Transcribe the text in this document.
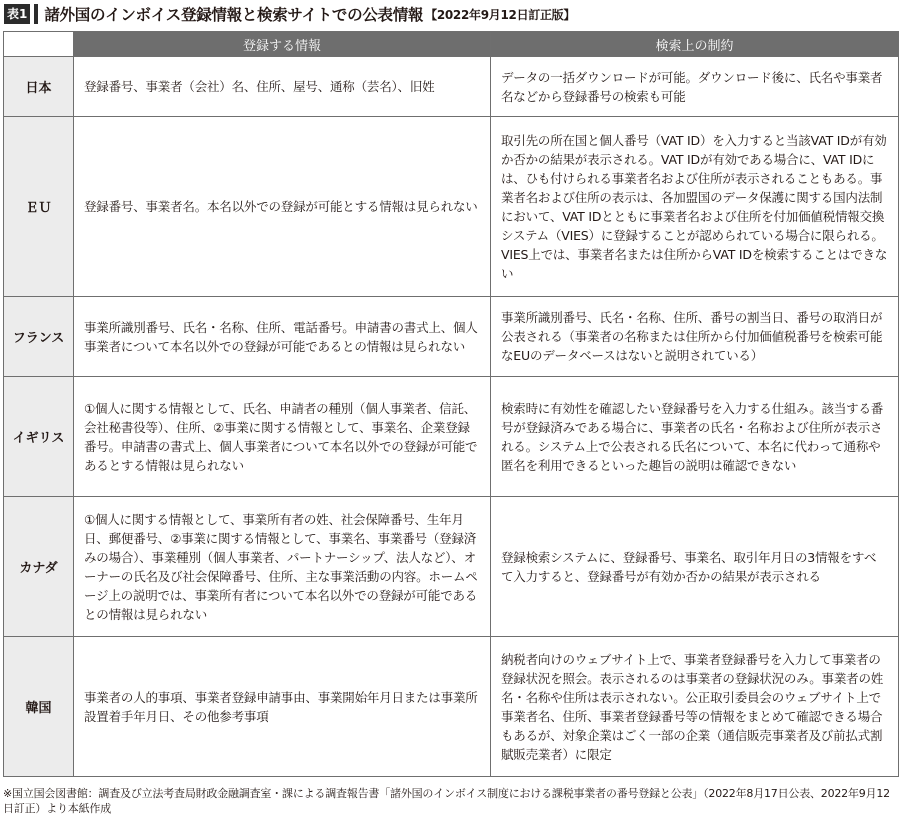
表1 諸外国のインボイス登録情報と検索サイトでの公表情報 【2022年9月12日訂正版】
	登録する情報	検索上の制約
日本	登録番号、事業者（会社）名、住所、屋号、通称（芸名）、旧姓	データの一括ダウンロードが可能。ダウンロード後に、氏名や事業者名などから登録番号の検索も可能
ＥＵ	登録番号、事業者名。本名以外での登録が可能とする情報は見られない	取引先の所在国と個人番号（VAT ID）を入力すると当該VAT IDが有効か否かの結果が表示される。VAT IDが有効である場合に、VAT IDには、ひも付けられる事業者名および住所が表示されることもある。事業者名および住所の表示は、各加盟国のデータ保護に関する国内法制において、VAT IDとともに事業者名および住所を付加価値税情報交換システム（VIES）に登録することが認められている場合に限られる。VIES上では、事業者名または住所からVAT IDを検索することはできない
フランス	事業所識別番号、氏名・名称、住所、電話番号。申請書の書式上、個人事業者について本名以外での登録が可能であるとの情報は見られない	事業所識別番号、氏名・名称、住所、番号の割当日、番号の取消日が公表される（事業者の名称または住所から付加価値税番号を検索可能なEUのデータベースはないと説明されている）
イギリス	①個人に関する情報として、氏名、申請者の種別（個人事業者、信託、会社秘書役等）、住所、②事業に関する情報として、事業名、企業登録番号。申請書の書式上、個人事業者について本名以外での登録が可能であるとする情報は見られない	検索時に有効性を確認したい登録番号を入力する仕組み。該当する番号が登録済みである場合に、事業者の氏名・名称および住所が表示される。システム上で公表される氏名について、本名に代わって通称や匿名を利用できるといった趣旨の説明は確認できない
カナダ	①個人に関する情報として、事業所有者の姓、社会保障番号、生年月日、郵便番号、②事業に関する情報として、事業名、事業番号（登録済みの場合）、事業種別（個人事業者、パートナーシップ、法人など）、オーナーの氏名及び社会保障番号、住所、主な事業活動の内容。ホームページ上の説明では、事業所有者について本名以外での登録が可能であるとの情報は見られない	登録検索システムに、登録番号、事業名、取引年月日の3情報をすべて入力すると、登録番号が有効か否かの結果が表示される
韓国	事業者の人的事項、事業者登録申請事由、事業開始年月日または事業所設置着手年月日、その他参考事項	納税者向けのウェブサイト上で、事業者登録番号を入力して事業者の登録状況を照会。表示されるのは事業者の登録状況のみ。事業者の姓名・名称や住所は表示されない。公正取引委員会のウェブサイト上で事業者名、住所、事業者登録番号等の情報をまとめて確認できる場合もあるが、対象企業はごく一部の企業（通信販売事業者及び前払式割賦販売業者）に限定
※国立国会図書館：調査及び立法考査局財政金融調査室・課による調査報告書「諸外国のインボイス制度における課税事業者の番号登録と公表」（2022年8月17日公表、2022年9月12日訂正）より本紙作成
